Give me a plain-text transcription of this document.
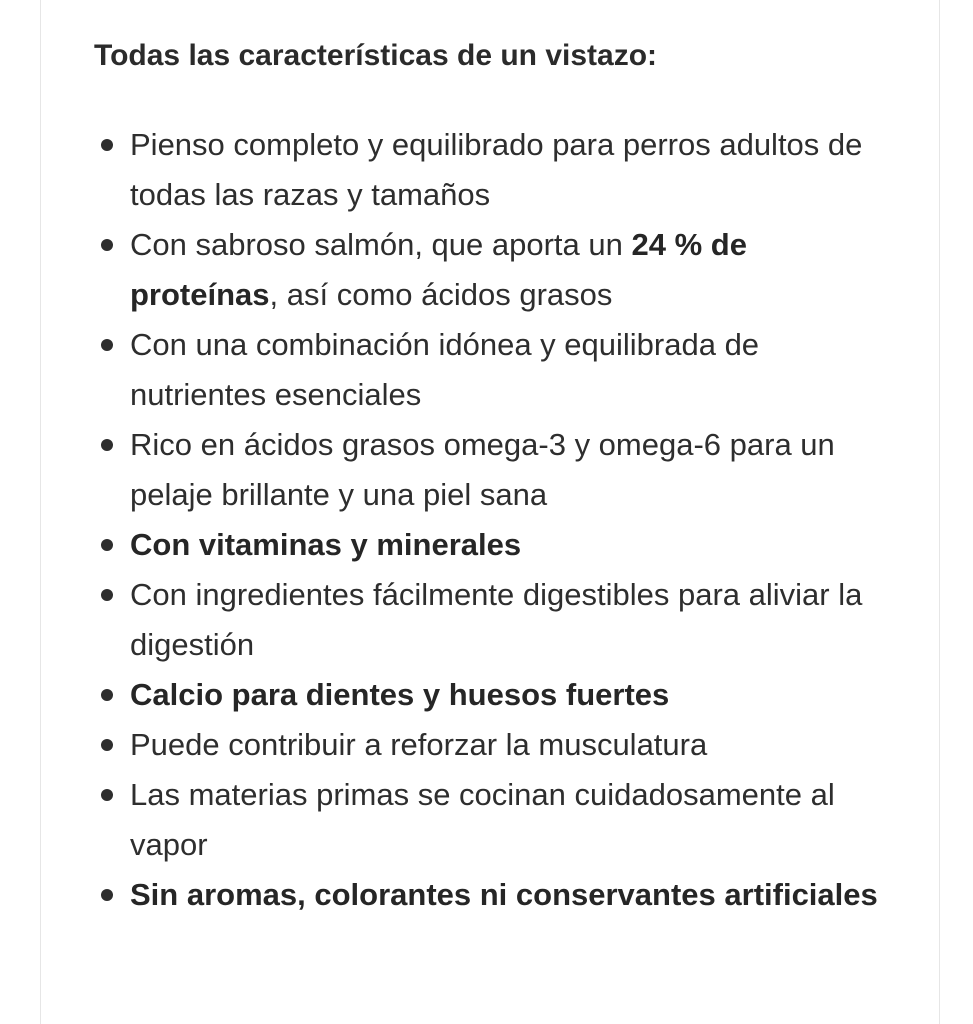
Todas las características de un vistazo:
Pienso completo y equilibrado para perros adultos de todas las razas y tamaños
Con sabroso salmón, que aporta un 24 % de proteínas, así como ácidos grasos
Con una combinación idónea y equilibrada de nutrientes esenciales
Rico en ácidos grasos omega-3 y omega-6 para un pelaje brillante y una piel sana
Con vitaminas y minerales
Con ingredientes fácilmente digestibles para aliviar la digestión
Calcio para dientes y huesos fuertes
Puede contribuir a reforzar la musculatura
Las materias primas se cocinan cuidadosamente al vapor
Sin aromas, colorantes ni conservantes artificiales
